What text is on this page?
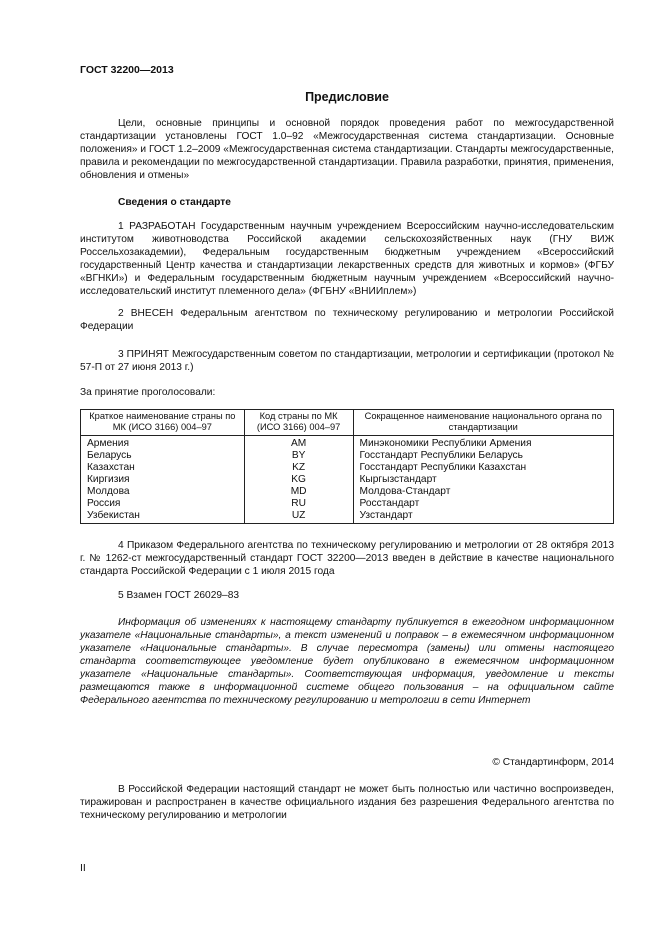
ГОСТ 32200—2013
Предисловие

Цели, основные принципы и основной порядок проведения работ по межгосударственной стандартизации установлены ГОСТ 1.0–92 «Межгосударственная система стандартизации. Основные положения» и ГОСТ 1.2–2009 «Межгосударственная система стандартизации. Стандарты межгосударственные, правила и рекомендации по межгосударственной стандартизации. Правила разработки, принятия, применения, обновления и отмены»

Сведения о стандарте

1 РАЗРАБОТАН Государственным научным учреждением Всероссийским научно-исследовательским институтом животноводства Российской академии сельскохозяйственных наук (ГНУ ВИЖ Россельхозакадемии), Федеральным государственным бюджетным учреждением «Всероссийский государственный Центр качества и стандартизации лекарственных средств для животных и кормов» (ФГБУ «ВГНКИ») и Федеральным государственным бюджетным научным учреждением «Всероссийский научно-исследовательский институт племенного дела» (ФГБНУ «ВНИИплем»)

2 ВНЕСЕН Федеральным агентством по техническому регулированию и метрологии Российской Федерации

3 ПРИНЯТ Межгосударственным советом по стандартизации, метрологии и сертификации (протокол № 57-П от 27 июня 2013 г.)

За принятие проголосовали:

Краткое наименование страны по МК (ИСО 3166) 004–97	Код страны по МК (ИСО 3166) 004–97	Сокращенное наименование национального органа по стандартизации
Армения	AM	Минэкономики Республики Армения
Беларусь	BY	Госстандарт Республики Беларусь
Казахстан	KZ	Госстандарт Республики Казахстан
Киргизия	KG	Кыргызстандарт
Молдова	MD	Молдова-Стандарт
Россия	RU	Росстандарт
Узбекистан	UZ	Узстандарт

4 Приказом Федерального агентства по техническому регулированию и метрологии от 28 октября 2013 г. № 1262-ст межгосударственный стандарт ГОСТ 32200—2013 введен в действие в качестве национального стандарта Российской Федерации с 1 июля 2015 года

5 Взамен ГОСТ 26029–83

Информация об изменениях к настоящему стандарту публикуется в ежегодном информационном указателе «Национальные стандарты», а текст изменений и поправок – в ежемесячном информационном указателе «Национальные стандарты». В случае пересмотра (замены) или отмены настоящего стандарта соответствующее уведомление будет опубликовано в ежемесячном информационном указателе «Национальные стандарты». Соответствующая информация, уведомление и тексты размещаются также в информационной системе общего пользования – на официальном сайте Федерального агентства по техническому регулированию и метрологии в сети Интернет

© Стандартинформ, 2014

В Российской Федерации настоящий стандарт не может быть полностью или частично воспроизведен, тиражирован и распространен в качестве официального издания без разрешения Федерального агентства по техническому регулированию и метрологии

II
